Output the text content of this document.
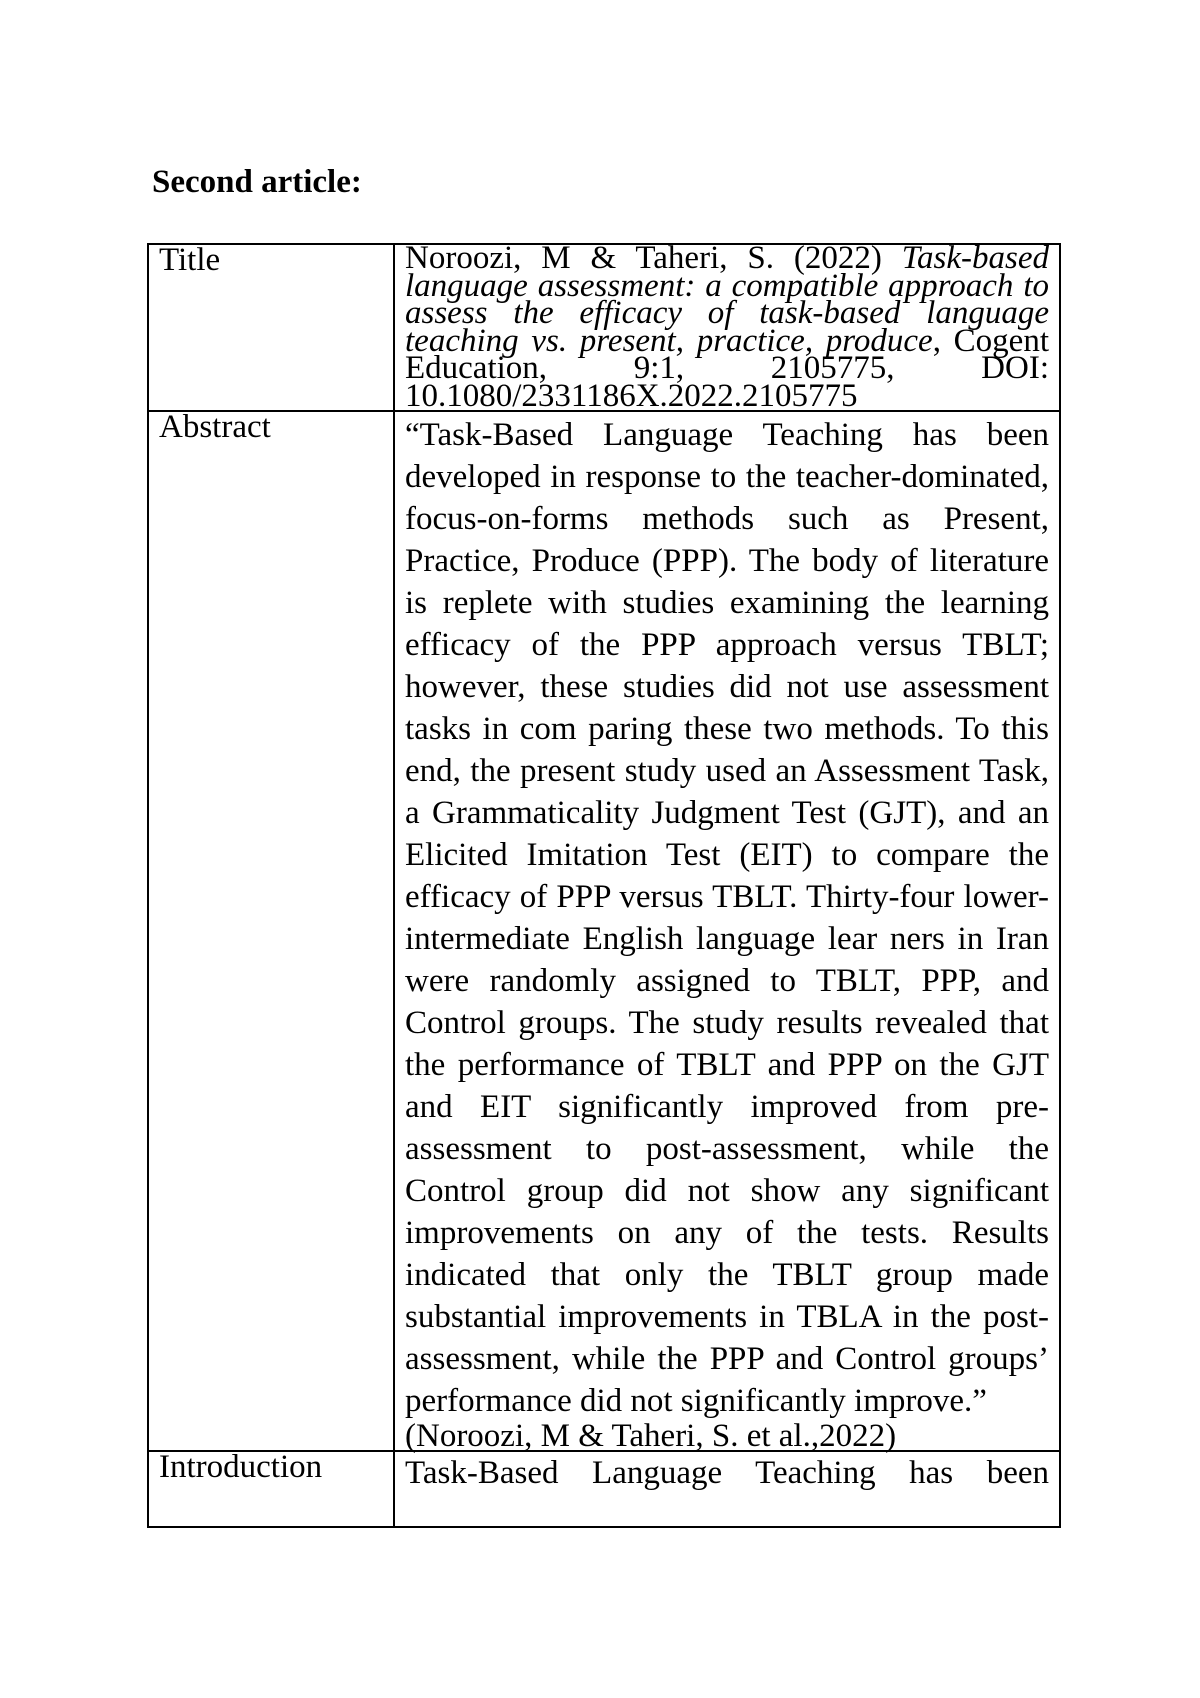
Second article:
Title	Noroozi, M & Taheri, S. (2022) Task-based language assessment: a compatible approach to assess the efficacy of task-based language teaching vs. present, practice, produce, Cogent Education, 9:1, 2105775, DOI: 10.1080/2331186X.2022.2105775
Abstract	“Task-Based Language Teaching has been developed in response to the teacher-dominated, focus-on-forms methods such as Present, Practice, Produce (PPP). The body of literature is replete with studies examining the learning efficacy of the PPP approach versus TBLT; however, these studies did not use assessment tasks in com paring these two methods. To this end, the present study used an Assessment Task, a Grammaticality Judgment Test (GJT), and an Elicited Imitation Test (EIT) to compare the efficacy of PPP versus TBLT. Thirty-four lower-intermediate English language lear ners in Iran were randomly assigned to TBLT, PPP, and Control groups. The study results revealed that the performance of TBLT and PPP on the GJT and EIT significantly improved from pre-assessment to post-assessment, while the Control group did not show any significant improvements on any of the tests. Results indicated that only the TBLT group made substantial improvements in TBLA in the post-assessment, while the PPP and Control groups’ performance did not significantly improve.”
(Noroozi, M & Taheri, S. et al.,2022)

Introduction	Task-Based Language Teaching has been
